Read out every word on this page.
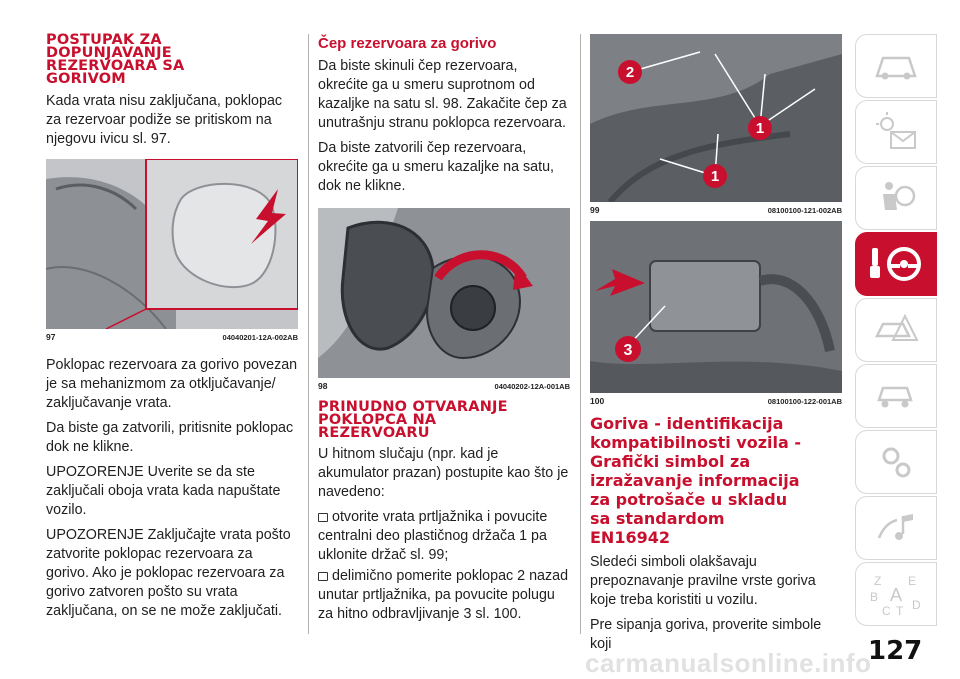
POSTUPAK ZA
DOPUNJAVANJE
REZERVOARA SA
GORIVOM

Kada vrata nisu zaključana, poklopac za rezervoar podiže se pritiskom na njegovu ivicu sl. 97.

97	04040201-12A-002AB

Poklopac rezervoara za gorivo povezan je sa mehanizmom za otključavanje/ zaključavanje vrata.

Da biste ga zatvorili, pritisnite poklopac dok ne kliknе.

UPOZORENJE Uverite se da ste zaključali oboja vrata kada napuštate vozilo.

UPOZORENJE Zaključajte vrata pošto zatvorite poklopac rezervoara za gorivo. Ako je poklopac rezervoara za gorivo zatvoren pošto su vrata zaključana, on se ne može zaključati.

Čep rezervoara za gorivo

Da biste skinuli čep rezervoara, okrećite ga u smeru suprotnom od kazaljke na satu sl. 98. Zakačite čep za unutrašnju stranu poklopca rezervoara.

Da biste zatvorili čep rezervoara, okrećite ga u smeru kazaljke na satu, dok ne klikne.

98	04040202-12A-001AB
PRINUDNO OTVARANJE
POKLOPCA NA
REZERVOARU

U hitnom slučaju (npr. kad je akumulator prazan) postupite kao što je navedeno:

otvorite vrata prtljažnika i povucite centralni deo plastičnog držača 1 pa uklonite držač sl. 99;

delimično pomerite poklopac 2 nazad unutar prtljažnika, pa povucite polugu za hitno odbravljivanje 3 sl. 100.

2
1
1
99	08100100-121-002AB
3
100	08100100-122-001AB
Goriva - identifikacija
kompatibilnosti vozila -
Grafički simbol za
izražavanje informacija
za potrošače u skladu
sa standardom
EN16942

Sledeći simboli olakšavaju prepoznavanje pravilne vrste goriva koje treba koristiti u vozilu.

Pre sipanja goriva, proverite simbole koji

Z E
B A
C T D
127
carmanualsonline.info
